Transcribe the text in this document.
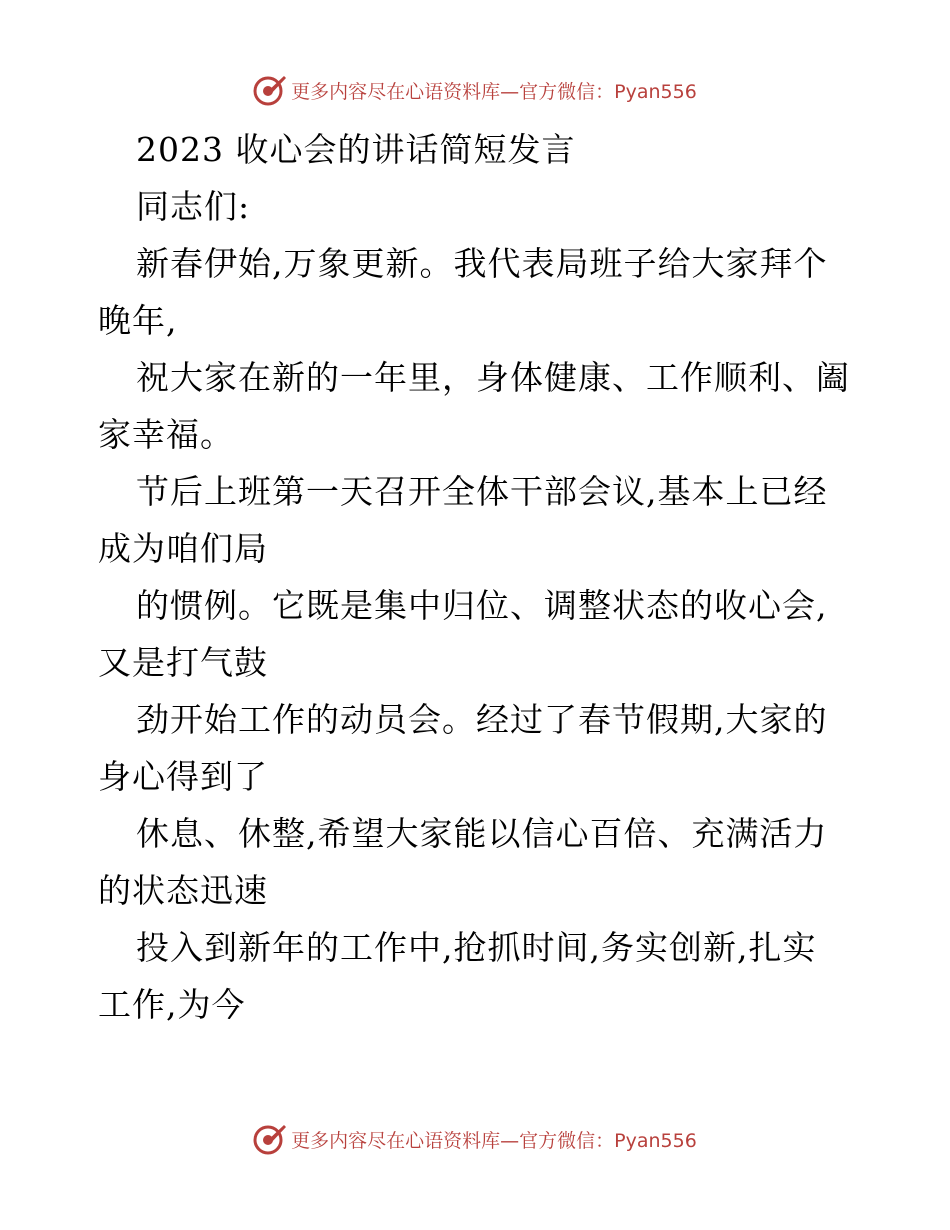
更多内容尽在心语资料库—官方微信：Pyan556
2023 收心会的讲话简短发言
同志们:
新春伊始,万象更新。我代表局班子给大家拜个
晚年,
祝大家在新的一年里，身体健康、工作顺利、阖
家幸福。
节后上班第一天召开全体干部会议,基本上已经
成为咱们局
的惯例。它既是集中归位、调整状态的收心会,
又是打气鼓
劲开始工作的动员会。经过了春节假期,大家的
身心得到了
休息、休整,希望大家能以信心百倍、充满活力
的状态迅速
投入到新年的工作中,抢抓时间,务实创新,扎实
工作,为今
更多内容尽在心语资料库—官方微信：Pyan556
